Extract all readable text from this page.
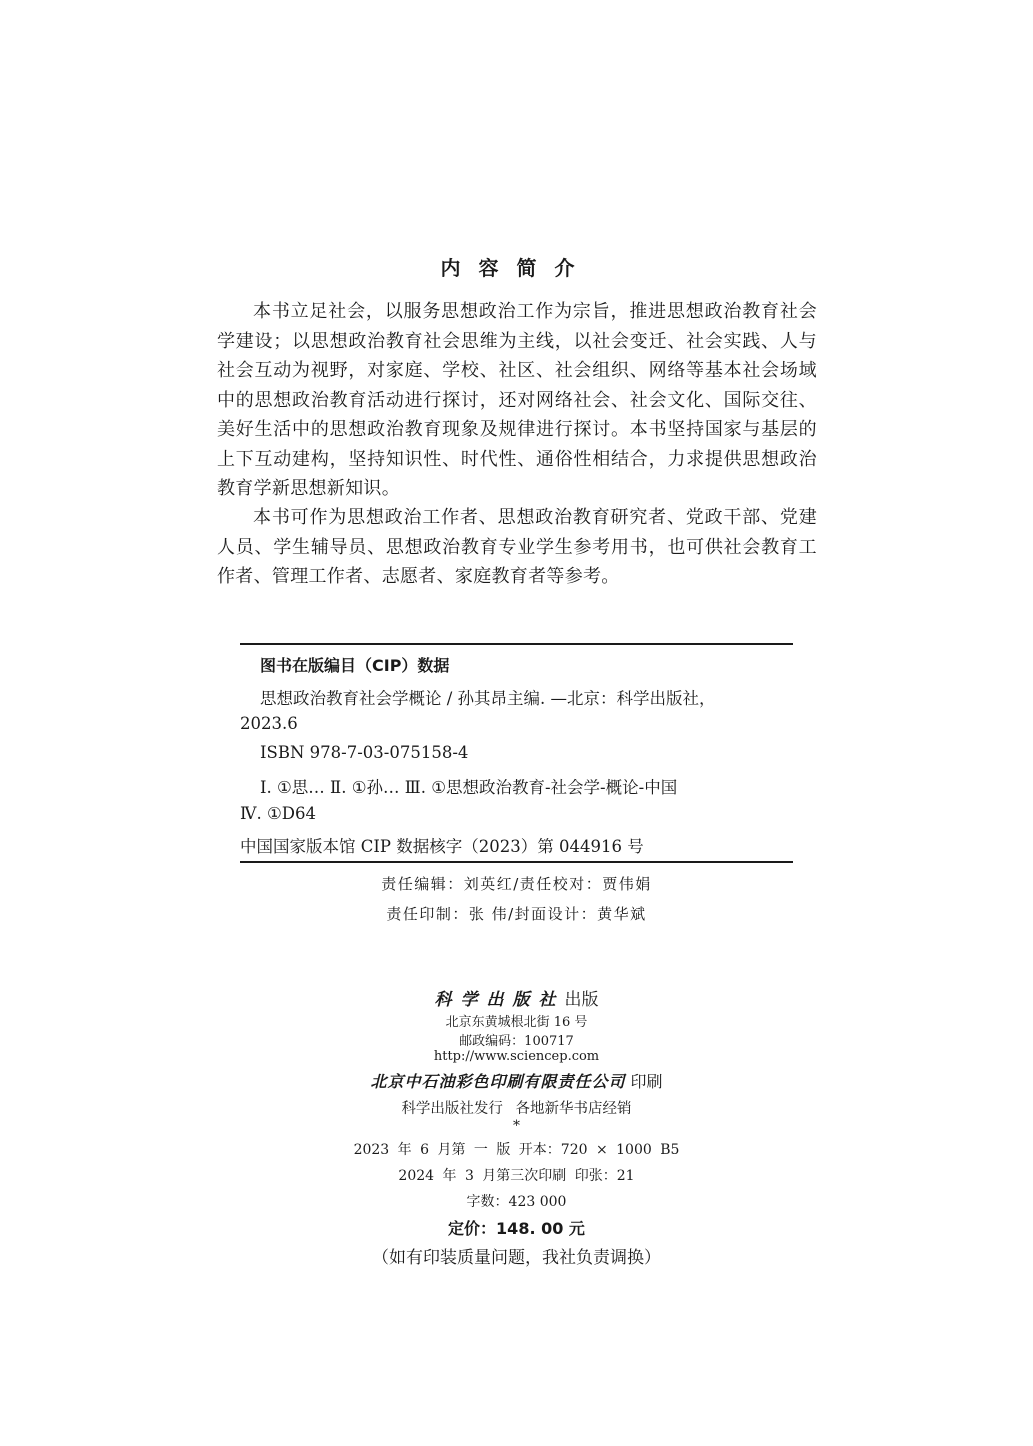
内容简介
本书立足社会，以服务思想政治工作为宗旨，推进思想政治教育社会学建设；以思想政治教育社会思维为主线，以社会变迁、社会实践、人与社会互动为视野，对家庭、学校、社区、社会组织、网络等基本社会场域中的思想政治教育活动进行探讨，还对网络社会、社会文化、国际交往、美好生活中的思想政治教育现象及规律进行探讨。本书坚持国家与基层的上下互动建构，坚持知识性、时代性、通俗性相结合，力求提供思想政治教育学新思想新知识。
本书可作为思想政治工作者、思想政治教育研究者、党政干部、党建人员、学生辅导员、思想政治教育专业学生参考用书，也可供社会教育工作者、管理工作者、志愿者、家庭教育者等参考。
图书在版编目（CIP）数据
思想政治教育社会学概论 / 孙其昂主编. —北京：科学出版社，
2023.6
ISBN 978-7-03-075158-4
Ⅰ. ①思… Ⅱ. ①孙… Ⅲ. ①思想政治教育-社会学-概论-中国
Ⅳ. ①D64
中国国家版本馆 CIP 数据核字（2023）第 044916 号
责任编辑：刘英红/责任校对：贾伟娟
责任印制：张 伟/封面设计：黄华斌
科学出版社出版
北京东黄城根北街 16 号
邮政编码：100717
http://www.sciencep.com
北京中石油彩色印刷有限责任公司 印刷
科学出版社发行 各地新华书店经销
*
2023 年 6 月第 一 版 开本：720 × 1000 B5
2024 年 3 月第三次印刷 印张：21
字数：423 000
定价：148. 00 元
（如有印装质量问题，我社负责调换）
